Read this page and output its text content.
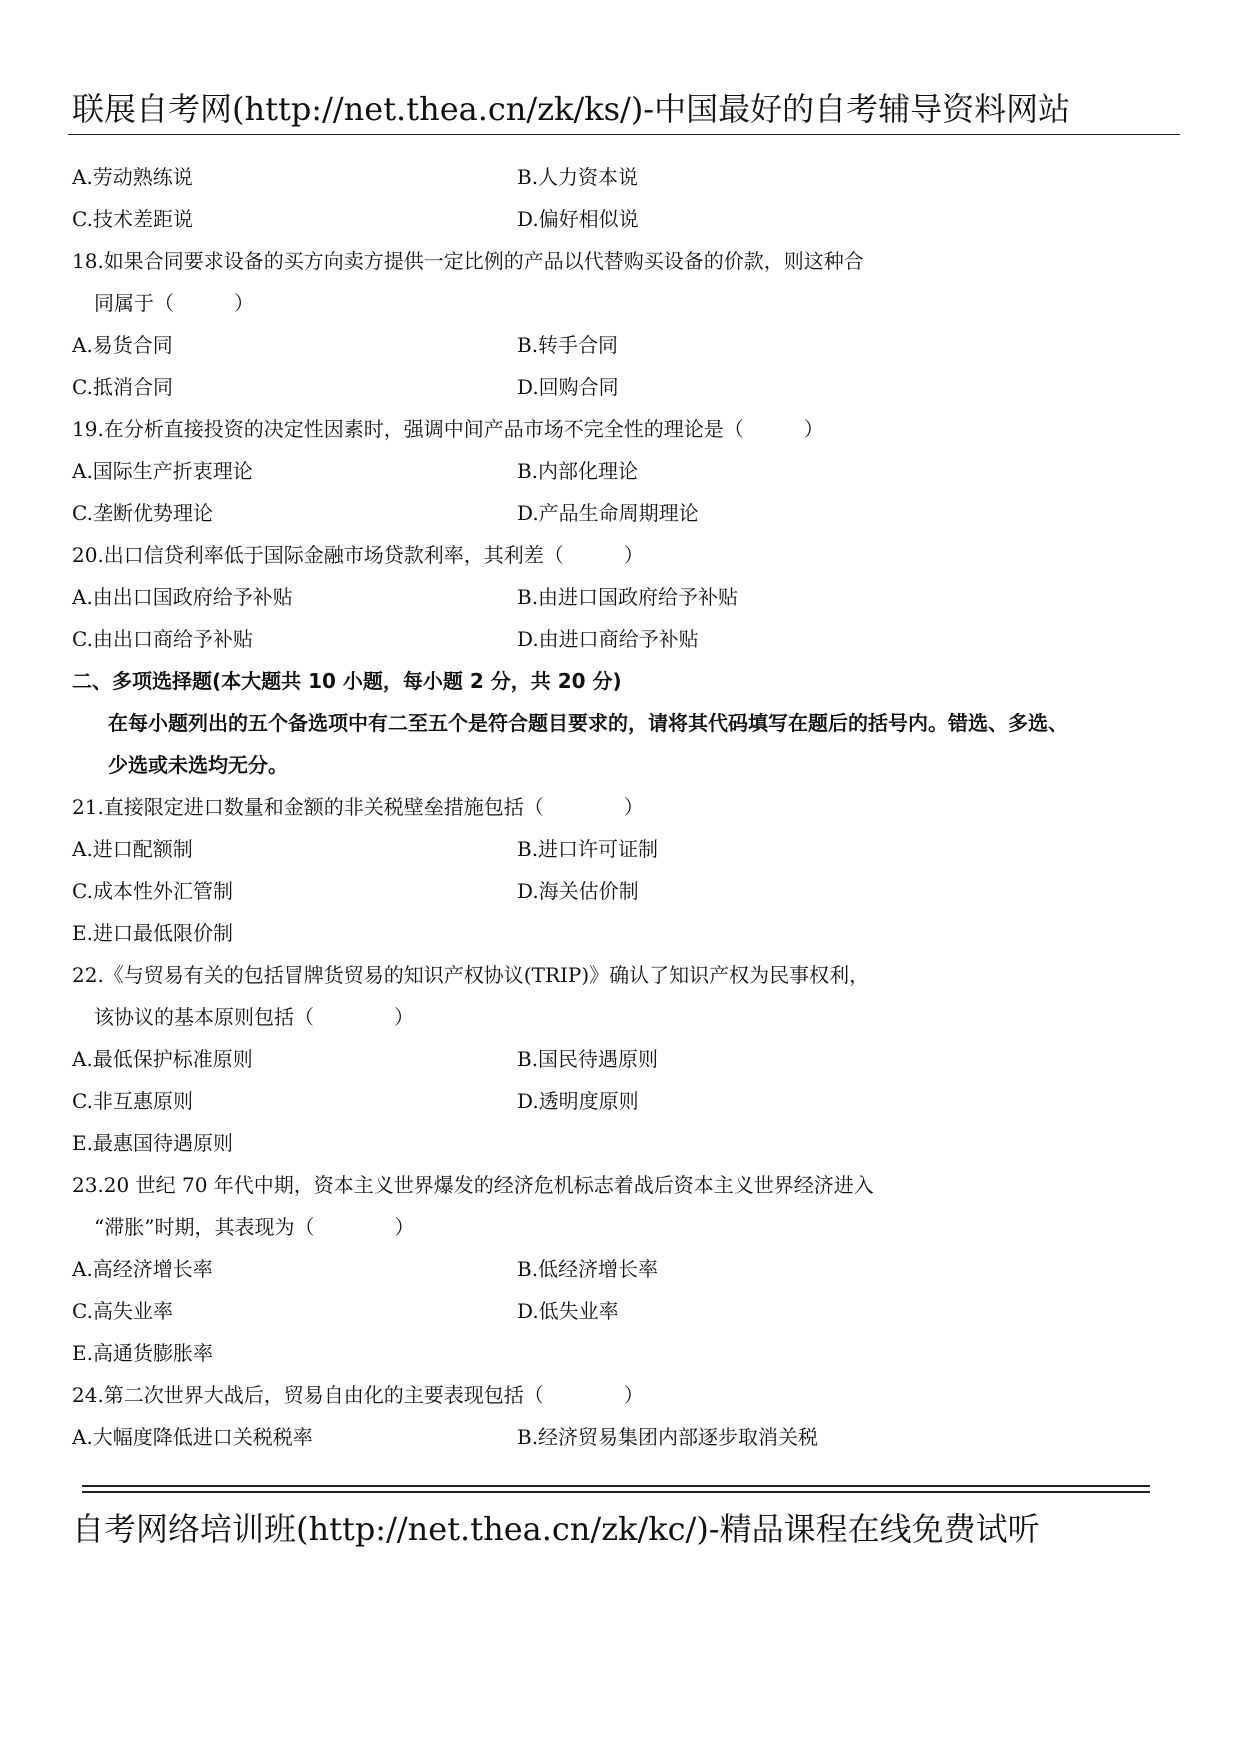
联展自考网(http://net.thea.cn/zk/ks/)-中国最好的自考辅导资料网站
A.劳动熟练说	B.人力资本说
C.技术差距说	D.偏好相似说
18.如果合同要求设备的买方向卖方提供一定比例的产品以代替购买设备的价款，则这种合
同属于（　　　）
A.易货合同	B.转手合同
C.抵消合同	D.回购合同
19.在分析直接投资的决定性因素时，强调中间产品市场不完全性的理论是（　　　）
A.国际生产折衷理论	B.内部化理论
C.垄断优势理论	D.产品生命周期理论
20.出口信贷利率低于国际金融市场贷款利率，其利差（　　　）
A.由出口国政府给予补贴	B.由进口国政府给予补贴
C.由出口商给予补贴	D.由进口商给予补贴
二、多项选择题(本大题共 10 小题，每小题 2 分，共 20 分)
在每小题列出的五个备选项中有二至五个是符合题目要求的，请将其代码填写在题后的括号内。错选、多选、
少选或未选均无分。
21.直接限定进口数量和金额的非关税壁垒措施包括（　　　　）
A.进口配额制	B.进口许可证制
C.成本性外汇管制	D.海关估价制
E.进口最低限价制
22.《与贸易有关的包括冒牌货贸易的知识产权协议(TRIP)》确认了知识产权为民事权利，
该协议的基本原则包括（　　　　）
A.最低保护标准原则	B.国民待遇原则
C.非互惠原则	D.透明度原则
E.最惠国待遇原则
23.20 世纪 70 年代中期，资本主义世界爆发的经济危机标志着战后资本主义世界经济进入
“滞胀”时期，其表现为（　　　　）
A.高经济增长率	B.低经济增长率
C.高失业率	D.低失业率
E.高通货膨胀率
24.第二次世界大战后，贸易自由化的主要表现包括（　　　　）
A.大幅度降低进口关税税率	B.经济贸易集团内部逐步取消关税
自考网络培训班(http://net.thea.cn/zk/kc/)-精品课程在线免费试听
